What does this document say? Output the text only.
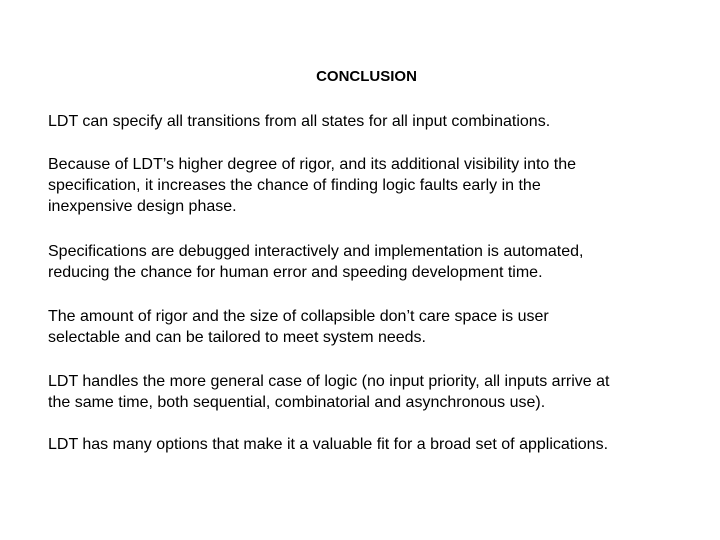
CONCLUSION
LDT can specify all transitions from all states for all input combinations.
Because of LDT’s higher degree of rigor, and its additional visibility into the
specification, it increases the chance of finding logic faults early in the
inexpensive design phase.
Specifications are debugged interactively and implementation is automated,
reducing the chance for human error and speeding development time.
The amount of rigor and the size of collapsible don’t care space is user
selectable and can be tailored to meet system needs.
LDT handles the more general case of logic (no input priority, all inputs arrive at
the same time, both sequential, combinatorial and asynchronous use).
LDT has many options that make it a valuable fit for a broad set of applications.
